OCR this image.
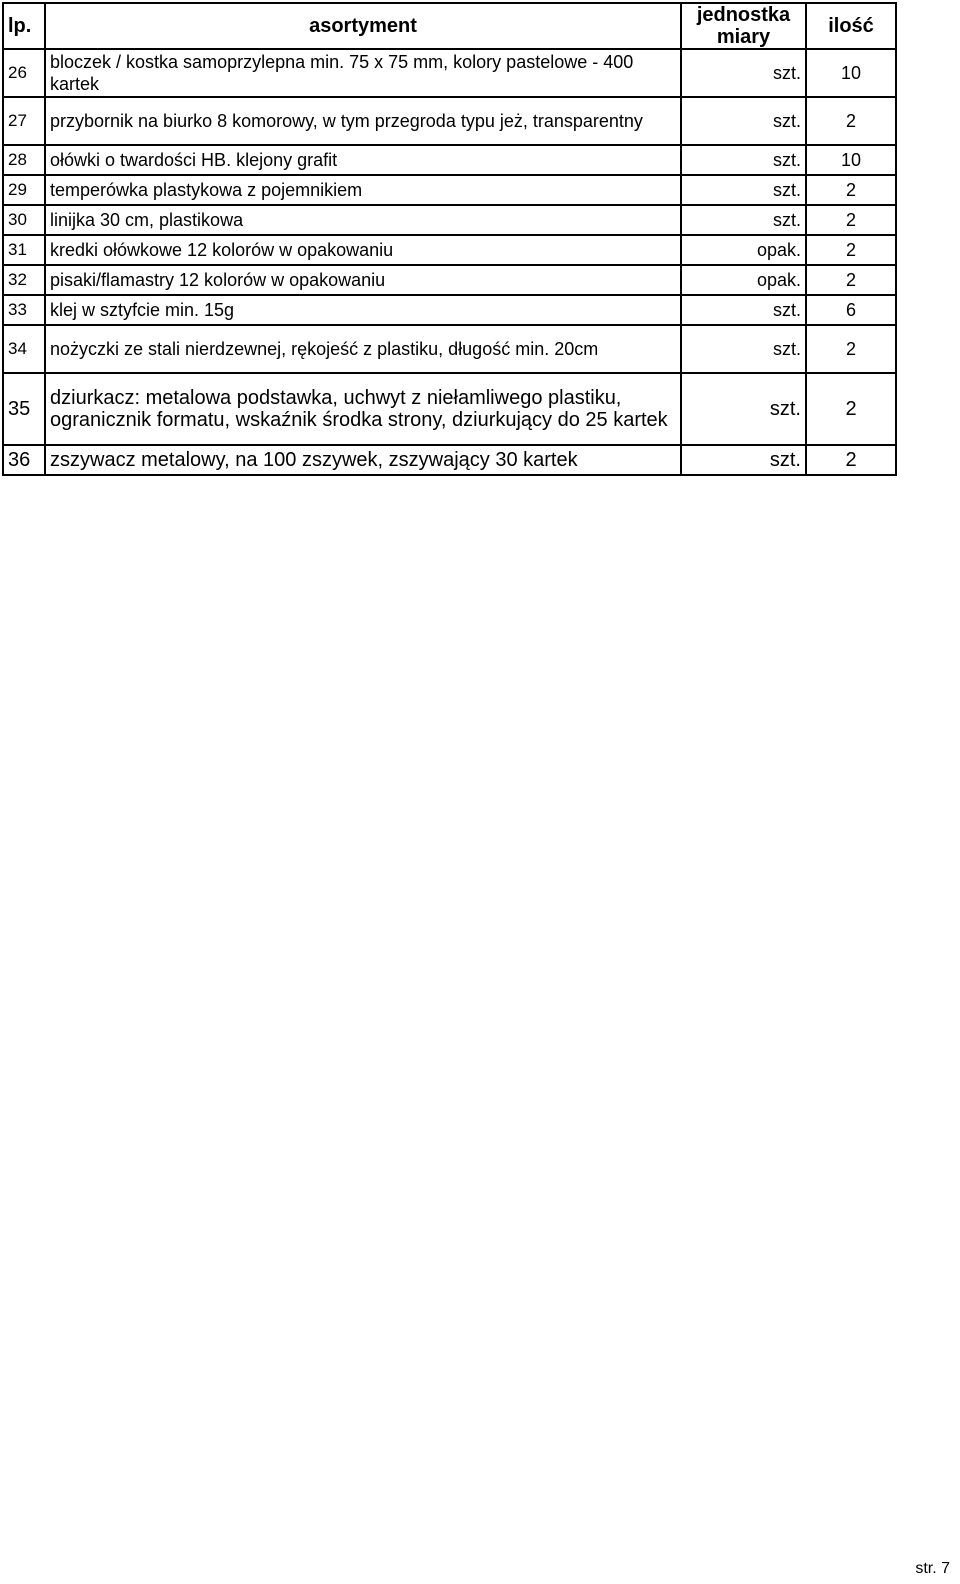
lp.	asortyment	jednostka miary	ilość
26	bloczek / kostka samoprzylepna min. 75 x 75 mm, kolory pastelowe - 400 kartek	szt.	10
27	przybornik na biurko 8 komorowy, w tym przegroda typu jeż, transparentny	szt.	2
28	ołówki o twardości HB. klejony grafit	szt.	10
29	temperówka plastykowa z pojemnikiem	szt.	2
30	linijka 30 cm, plastikowa	szt.	2
31	kredki ołówkowe 12 kolorów w opakowaniu	opak.	2
32	pisaki/flamastry 12 kolorów w opakowaniu	opak.	2
33	klej w sztyfcie min. 15g	szt.	6
34	nożyczki ze stali nierdzewnej, rękojeść z plastiku, długość min. 20cm	szt.	2
35	dziurkacz: metalowa podstawka, uchwyt z niełamliwego plastiku, ogranicznik formatu, wskaźnik środka strony, dziurkujący do 25 kartek	szt.	2
36	zszywacz metalowy, na 100 zszywek, zszywający 30 kartek	szt.	2
str. 7
